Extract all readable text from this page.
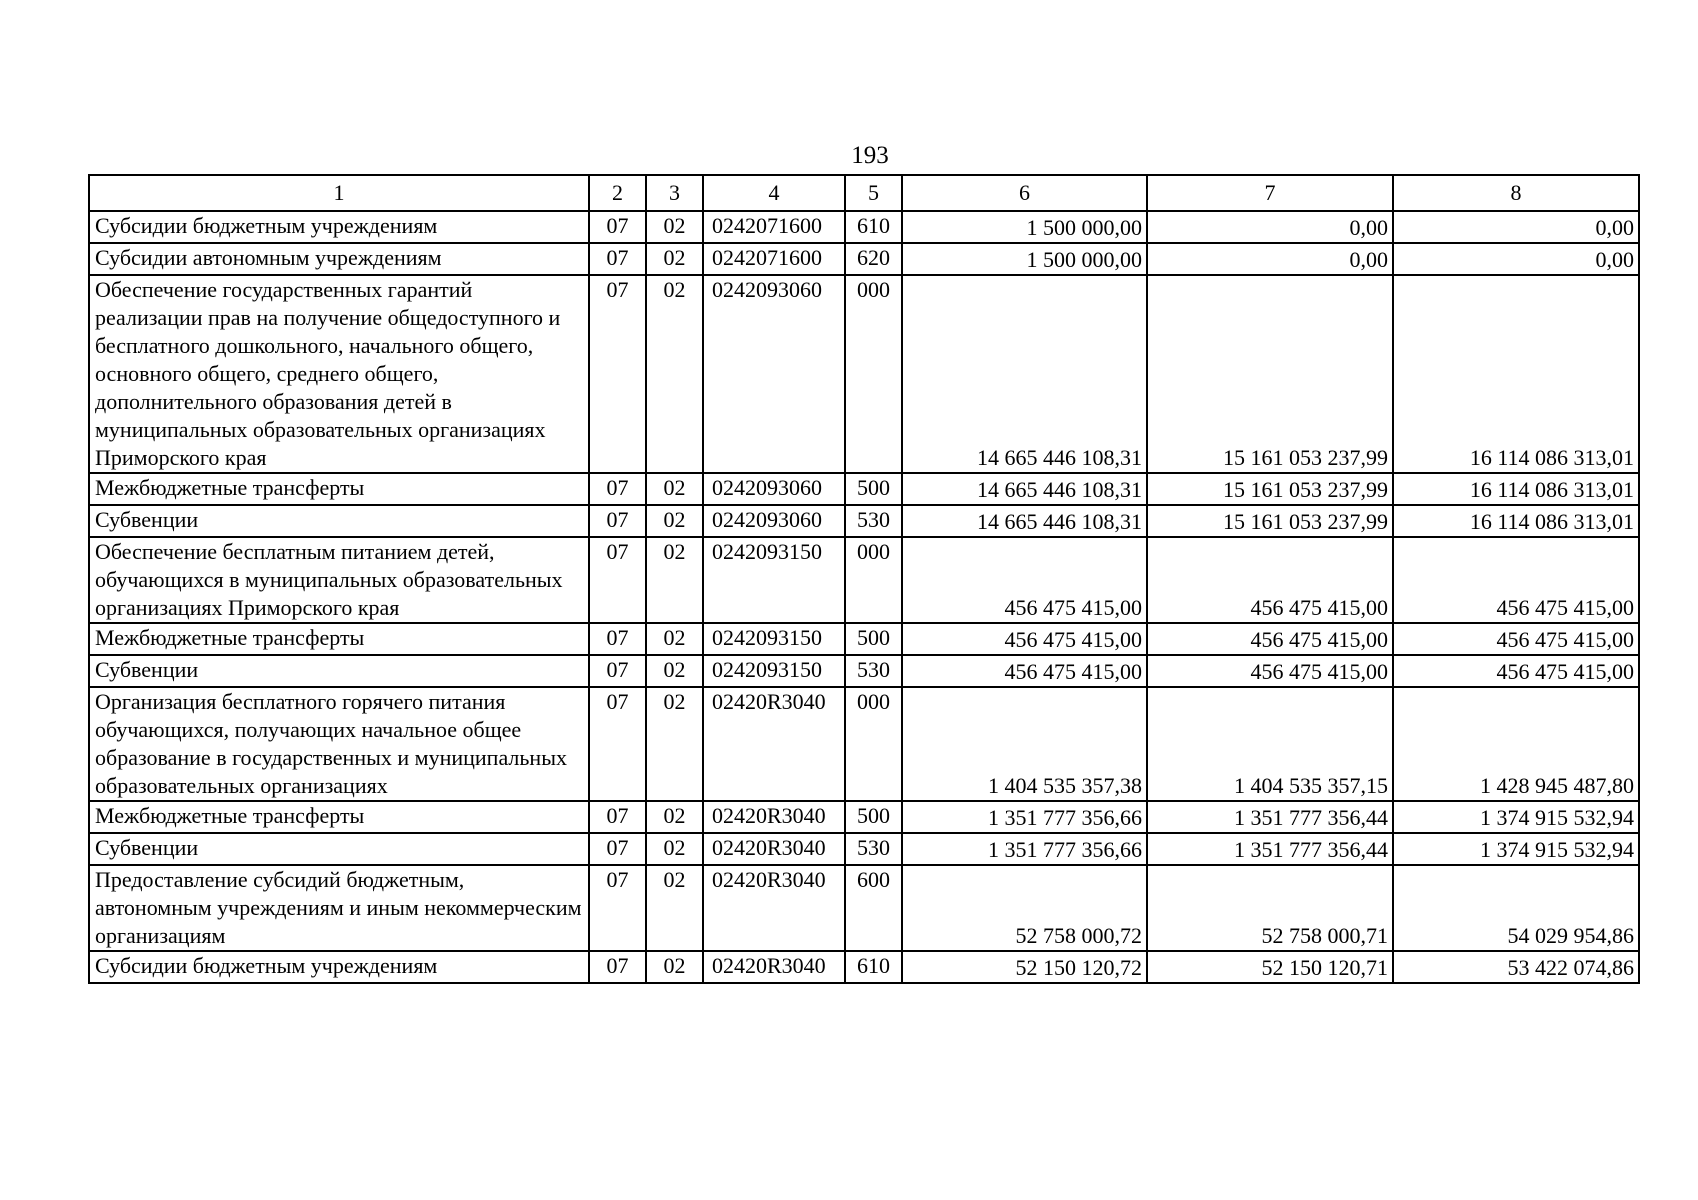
193
1	2	3	4	5	6	7	8
Субсидии бюджетным учреждениям	07	02	0242071600	610	1 500 000,00	0,00	0,00
Субсидии автономным учреждениям	07	02	0242071600	620	1 500 000,00	0,00	0,00
Обеспечение государственных гарантий реализации прав на получение общедоступного и бесплатного дошкольного, начального общего, основного общего, среднего общего, дополнительного образования детей в муниципальных образовательных организациях Приморского края	07	02	0242093060	000	14 665 446 108,31	15 161 053 237,99	16 114 086 313,01
Межбюджетные трансферты	07	02	0242093060	500	14 665 446 108,31	15 161 053 237,99	16 114 086 313,01
Субвенции	07	02	0242093060	530	14 665 446 108,31	15 161 053 237,99	16 114 086 313,01
Обеспечение бесплатным питанием детей, обучающихся в муниципальных образовательных организациях Приморского края	07	02	0242093150	000	456 475 415,00	456 475 415,00	456 475 415,00
Межбюджетные трансферты	07	02	0242093150	500	456 475 415,00	456 475 415,00	456 475 415,00
Субвенции	07	02	0242093150	530	456 475 415,00	456 475 415,00	456 475 415,00
Организация бесплатного горячего питания обучающихся, получающих начальное общее образование в государственных и муниципальных образовательных организациях	07	02	02420R3040	000	1 404 535 357,38	1 404 535 357,15	1 428 945 487,80
Межбюджетные трансферты	07	02	02420R3040	500	1 351 777 356,66	1 351 777 356,44	1 374 915 532,94
Субвенции	07	02	02420R3040	530	1 351 777 356,66	1 351 777 356,44	1 374 915 532,94
Предоставление субсидий бюджетным, автономным учреждениям и иным некоммерческим организациям	07	02	02420R3040	600	52 758 000,72	52 758 000,71	54 029 954,86
Субсидии бюджетным учреждениям	07	02	02420R3040	610	52 150 120,72	52 150 120,71	53 422 074,86
